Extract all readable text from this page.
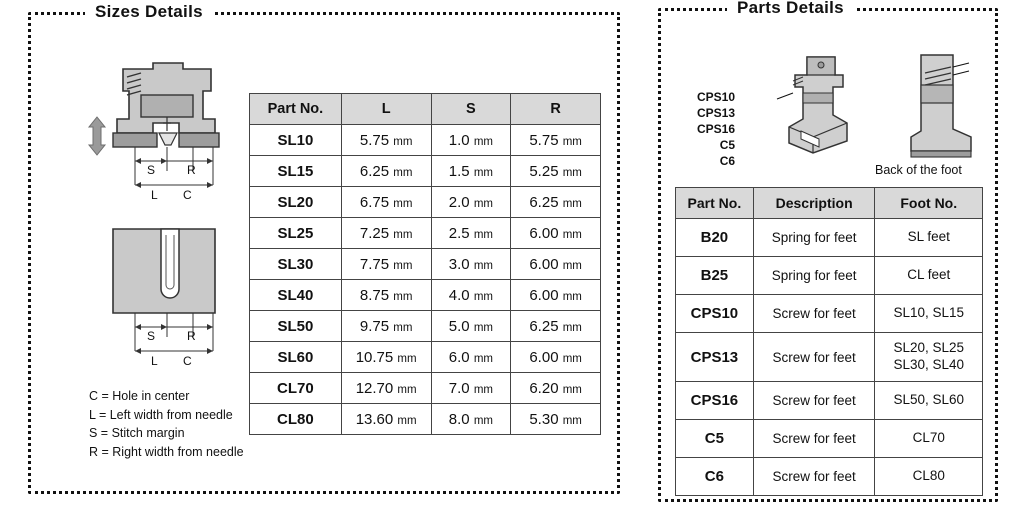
Sizes Details
S	R
L C
S	R
L C
C = Hole in center
L = Left width from needle
S = Stitch margin
R = Right width from needle
Part No.	L	S	R
SL10	5.75 mm	1.0 mm	5.75 mm
SL15	6.25 mm	1.5 mm	5.25 mm
SL20	6.75 mm	2.0 mm	6.25 mm
SL25	7.25 mm	2.5 mm	6.00 mm
SL30	7.75 mm	3.0 mm	6.00 mm
SL40	8.75 mm	4.0 mm	6.00 mm
SL50	9.75 mm	5.0 mm	6.25 mm
SL60	10.75 mm	6.0 mm	6.00 mm
CL70	12.70 mm	7.0 mm	6.20 mm
CL80	13.60 mm	8.0 mm	5.30 mm
Parts Details
CPS10
CPS13
CPS16
C5
C6
Back of the foot
Part No.	Description	Foot No.
B20	Spring for feet	SL feet

B25	Spring for feet	CL feet

CPS10	Screw for feet	SL10, SL15

CPS13	Screw for feet	SL20, SL25
SL30, SL40

CPS16	Screw for feet	SL50, SL60

C5	Screw for feet	CL70

C6	Screw for feet	CL80
